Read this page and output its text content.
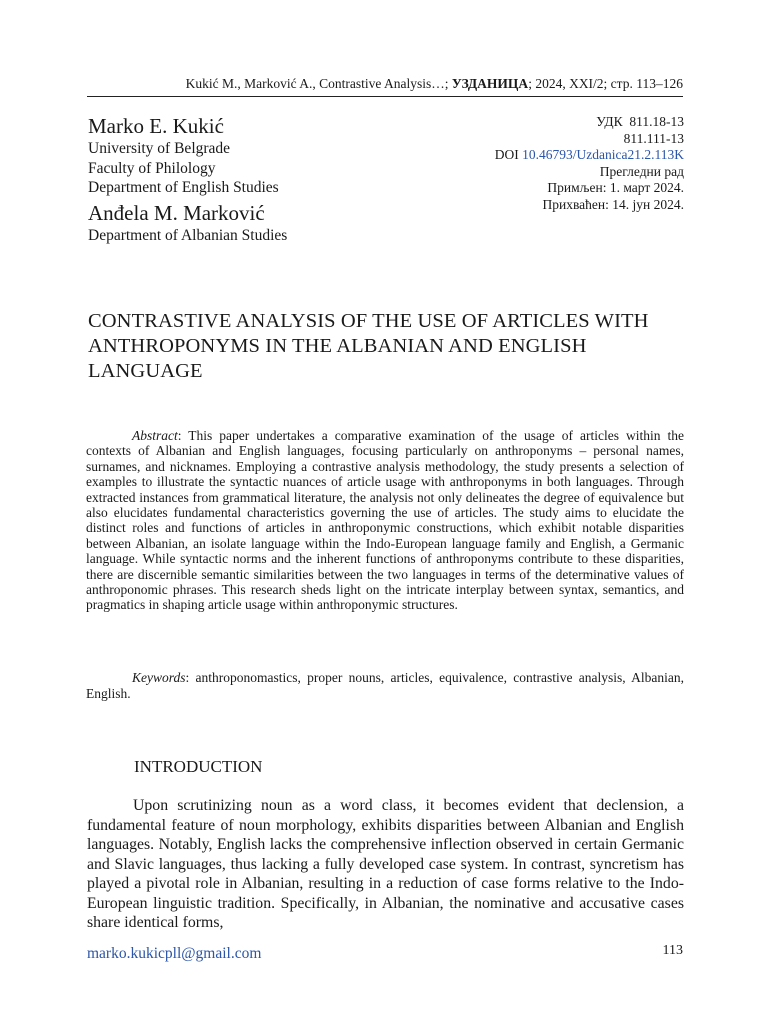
Kukić M., Marković A., Contrastive Analysis…; УЗДАНИЦА; 2024, XXI/2; стр. 113–126

Marko E. Kukić

University of Belgrade
Faculty of Philology
Department of English Studies

Anđela M. Marković

Department of Albanian Studies
УДК 811.18-13
811.111-13
DOI 10.46793/Uzdanica21.2.113K
Прегледни рад
Примљен: 1. март 2024.
Прихваћен: 14. јун 2024.
CONTRASTIVE ANALYSIS OF THE USE OF ARTICLES WITH ANTHROPONYMS IN THE ALBANIAN AND ENGLISH LANGUAGE

Abstract: This paper undertakes a comparative examination of the usage of articles within the contexts of Albanian and English languages, focusing particularly on anthroponyms – personal names, surnames, and nicknames. Employing a contrastive analysis methodology, the study presents a selection of examples to illustrate the syntactic nuances of article usage with anthroponyms in both languages. Through extracted instances from grammatical literature, the analysis not only delineates the degree of equivalence but also elucidates fundamental characteristics governing the use of articles. The study aims to elucidate the distinct roles and functions of articles in anthroponymic constructions, which exhibit notable disparities between Albanian, an isolate language within the Indo-European language family and English, a Germanic language. While syntactic norms and the inherent functions of anthroponyms contribute to these disparities, there are discernible semantic similarities between the two languages in terms of the determinative values of anthroponomic phrases. This research sheds light on the intricate interplay between syntax, semantics, and pragmatics in shaping article usage within anthroponymic structures.

Keywords: anthroponomastics, proper nouns, articles, equivalence, contrastive analysis, Albanian, English.

INTRODUCTION

Upon scrutinizing noun as a word class, it becomes evident that declension, a fundamental feature of noun morphology, exhibits disparities between Albanian and English languages. Notably, English lacks the comprehensive inflection observed in certain Germanic and Slavic languages, thus lacking a fully developed case system. In contrast, syncretism has played a pivotal role in Albanian, resulting in a reduction of case forms relative to the Indo-European linguistic tradition. Specifically, in Albanian, the nominative and accusative cases share identical forms,

marko.kukicpll@gmail.com	113
